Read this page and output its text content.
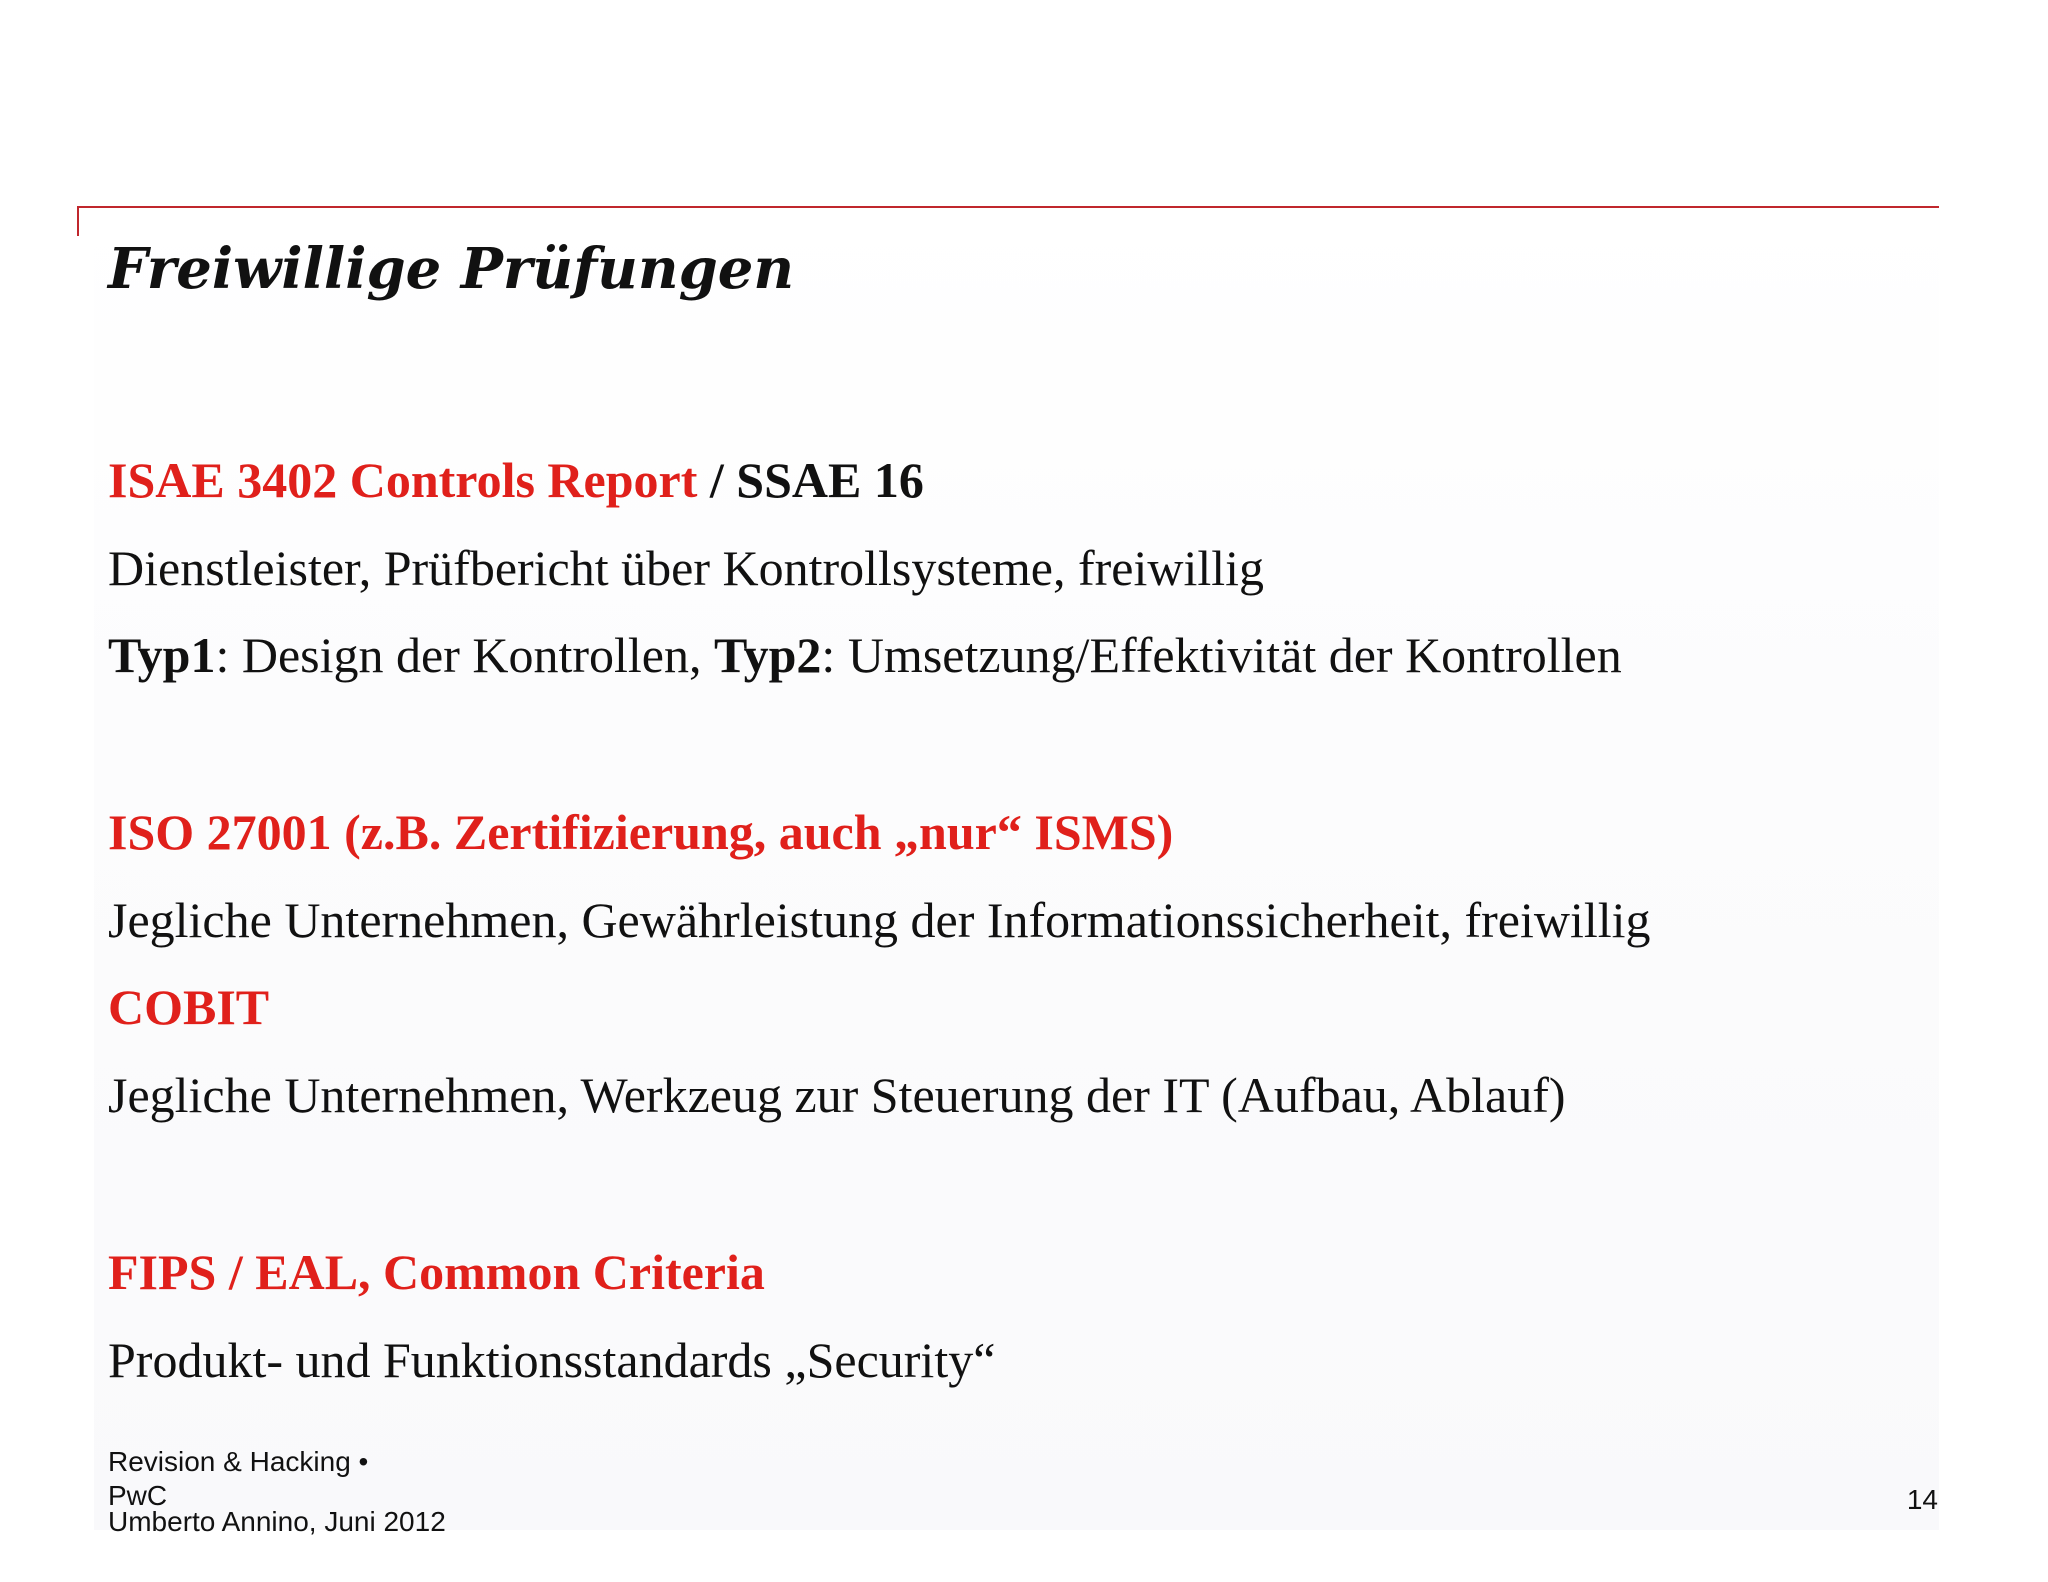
Freiwillige Prüfungen
ISAE 3402 Controls Report / SSAE 16
Dienstleister, Prüfbericht über Kontrollsysteme, freiwillig
Typ1: Design der Kontrollen, Typ2: Umsetzung/Effektivität der Kontrollen
ISO 27001 (z.B. Zertifizierung, auch „nur“ ISMS)
Jegliche Unternehmen, Gewährleistung der Informationssicherheit, freiwillig
COBIT
Jegliche Unternehmen, Werkzeug zur Steuerung der IT (Aufbau, Ablauf)
FIPS / EAL, Common Criteria
Produkt- und Funktionsstandards „Security“
Revision & Hacking •
PwC
Umberto Annino, Juni 2012
14
